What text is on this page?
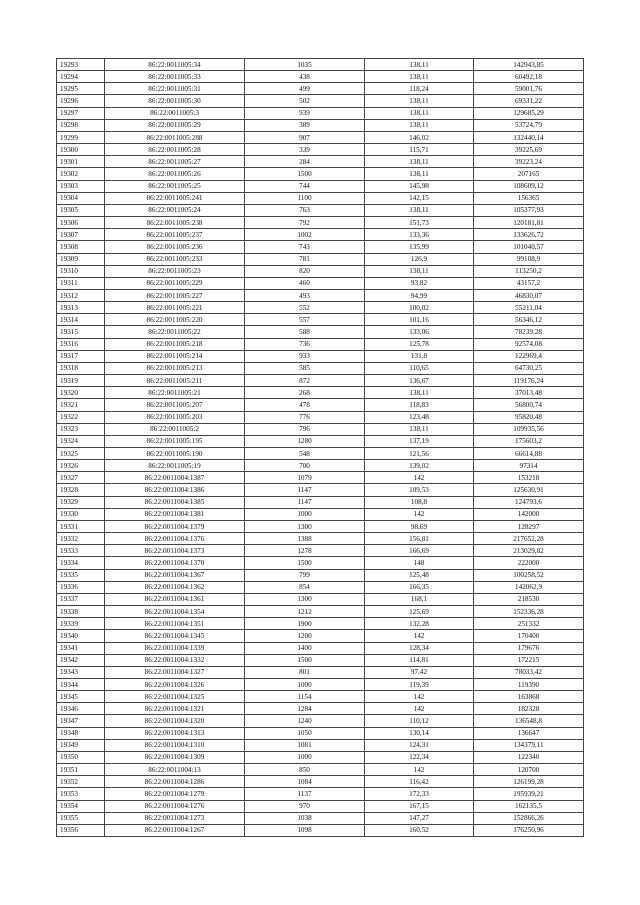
19293	86:22:0011005:34	1035	138,11	142943,85
19294	86:22:0011005:33	438	138,11	60492,18
19295	86:22:0011005:31	499	118,24	59001,76
19296	86:22:0011005:30	502	138,11	69331,22
19297	86:22:0011005:3	939	138,11	129685,29
19298	86:22:0011005:29	389	138,11	53724,79
19299	86:22:0011005:288	907	146,02	132440,14
19300	86:22:0011005:28	339	115,71	39225,69
19301	86:22:0011005:27	284	138,11	39223,24
19302	86:22:0011005:26	1500	138,11	207165
19303	86:22:0011005:25	744	145,98	108609,12
19304	86:22:0011005:241	1100	142,15	156365
19305	86:22:0011005:24	763	138,11	105377,93
19306	86:22:0011005:238	792	151,73	120181,81
19307	86:22:0011005:237	1002	133,36	133626,72
19308	86:22:0011005:236	743	135,99	101040,57
19309	86:22:0011005:233	781	126,9	99108,9
19310	86:22:0011005:23	820	138,11	113250,2
19311	86:22:0011005:229	460	93,82	43157,2
19312	86:22:0011005:227	493	94,99	46830,07
19313	86:22:0011005:221	552	100,02	55211,04
19314	86:22:0011005:220	557	101,16	56346,12
19315	86:22:0011005:22	588	133,06	78239,28
19316	86:22:0011005:218	736	125,78	92574,08
19317	86:22:0011005:214	933	131,8	122969,4
19318	86:22:0011005:213	585	110,65	64730,25
19319	86:22:0011005:211	872	136,67	119176,24
19320	86:22:0011005:21	268	138,11	37013,48
19321	86:22:0011005:207	478	118,83	56800,74
19322	86:22:0011005:203	776	123,48	95820,48
19323	86:22:0011005:2	796	138,11	109935,56
19324	86:22:0011005:195	1280	137,19	175603,2
19325	86:22:0011005:190	548	121,56	66614,88
19326	86:22:0011005:19	700	139,02	97314
19327	86:22:0011004:1387	1079	142	153218
19328	86:22:0011004:1386	1147	109,53	125630,91
19329	86:22:0011004:1385	1147	108,8	124793,6
19330	86:22:0011004:1381	1000	142	142000
19331	86:22:0011004:1379	1300	98,69	128297
19332	86:22:0011004:1376	1388	156,81	217652,28
19333	86:22:0011004:1373	1278	166,69	213029,82
19334	86:22:0011004:1370	1500	148	222000
19335	86:22:0011004:1367	799	125,48	100258,52
19336	86:22:0011004:1362	854	166,35	142062,9
19337	86:22:0011004:1361	1300	168,1	218530
19338	86:22:0011004:1354	1212	125,69	152336,28
19339	86:22:0011004:1351	1900	132,28	251332
19340	86:22:0011004:1345	1200	142	170400
19341	86:22:0011004:1339	1400	128,34	179676
19342	86:22:0011004:1332	1500	114,81	172215
19343	86:22:0011004:1327	801	97,42	78033,42
19344	86:22:0011004:1326	1000	119,39	119390
19345	86:22:0011004:1325	1154	142	163868
19346	86:22:0011004:1321	1284	142	182328
19347	86:22:0011004:1320	1240	110,12	136548,8
19348	86:22:0011004:1313	1050	130,14	136647
19349	86:22:0011004:1310	1081	124,31	134379,11
19350	86:22:0011004:1309	1000	122,34	122340
19351	86:22:0011004:13	850	142	120700
19352	86:22:0011004:1286	1084	116,42	126199,28
19353	86:22:0011004:1279	1137	172,33	195939,21
19354	86:22:0011004:1276	970	167,15	162135,5
19355	86:22:0011004:1273	1038	147,27	152866,26
19356	86:22:0011004:1267	1098	160,52	176250,96
